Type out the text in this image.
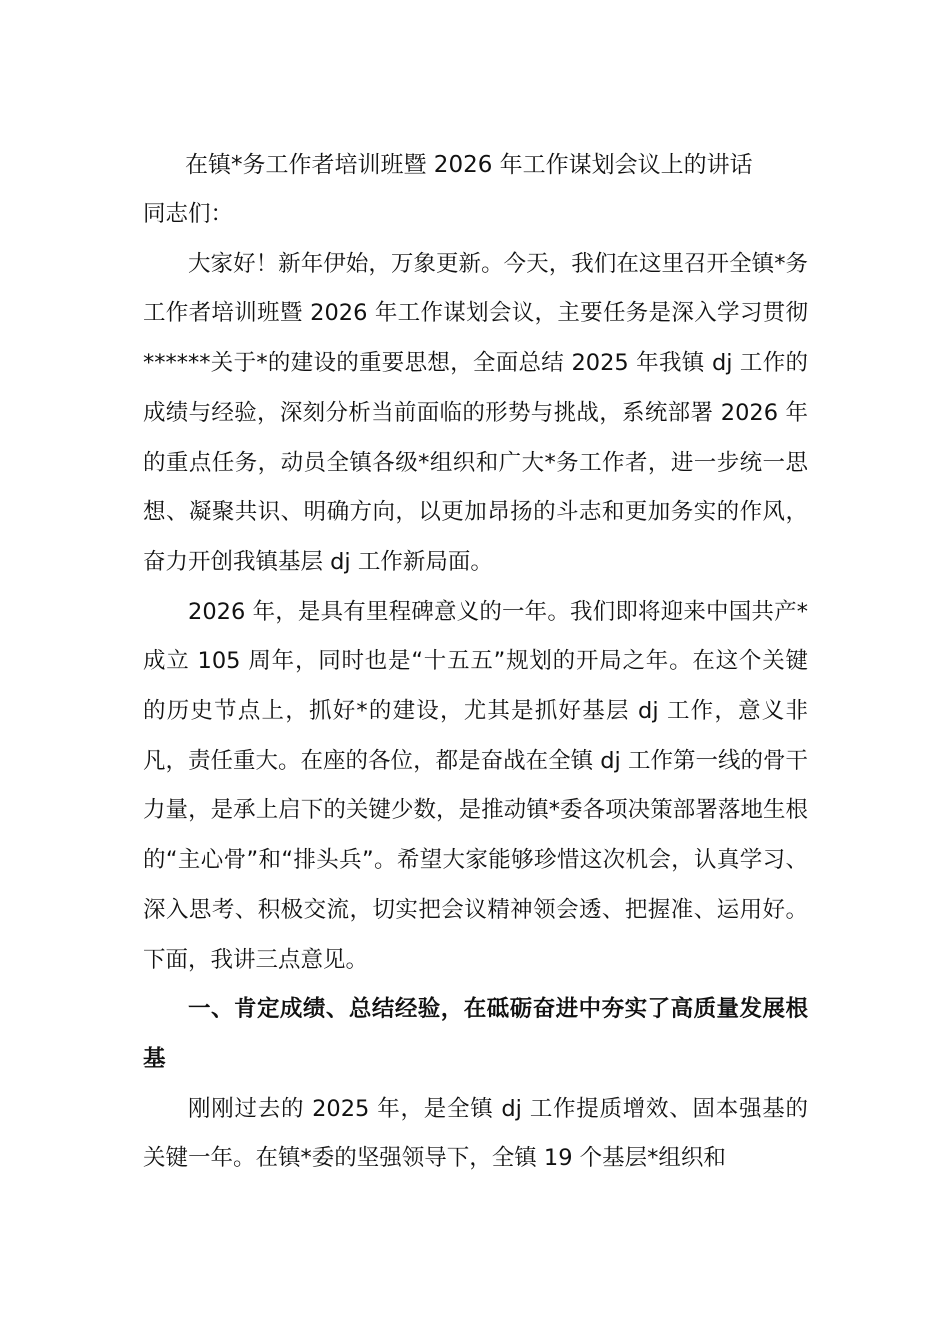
在镇*务工作者培训班暨 2026 年工作谋划会议上的讲话

同志们：

大家好！新年伊始，万象更新。今天，我们在这里召开全镇*务工作者培训班暨 2026 年工作谋划会议，主要任务是深入学习贯彻******关于*的建设的重要思想，全面总结 2025 年我镇 dj 工作的成绩与经验，深刻分析当前面临的形势与挑战，系统部署 2026 年的重点任务，动员全镇各级*组织和广大*务工作者，进一步统一思想、凝聚共识、明确方向，以更加昂扬的斗志和更加务实的作风，奋力开创我镇基层 dj 工作新局面。

2026 年，是具有里程碑意义的一年。我们即将迎来中国共产*成立 105 周年，同时也是“十五五”规划的开局之年。在这个关键的历史节点上，抓好*的建设，尤其是抓好基层 dj 工作，意义非凡，责任重大。在座的各位，都是奋战在全镇 dj 工作第一线的骨干力量，是承上启下的关键少数，是推动镇*委各项决策部署落地生根的“主心骨”和“排头兵”。希望大家能够珍惜这次机会，认真学习、深入思考、积极交流，切实把会议精神领会透、把握准、运用好。下面，我讲三点意见。

一、肯定成绩、总结经验，在砥砺奋进中夯实了高质量发展根基

刚刚过去的 2025 年，是全镇 dj 工作提质增效、固本强基的关键一年。在镇*委的坚强领导下，全镇 19 个基层*组织和
